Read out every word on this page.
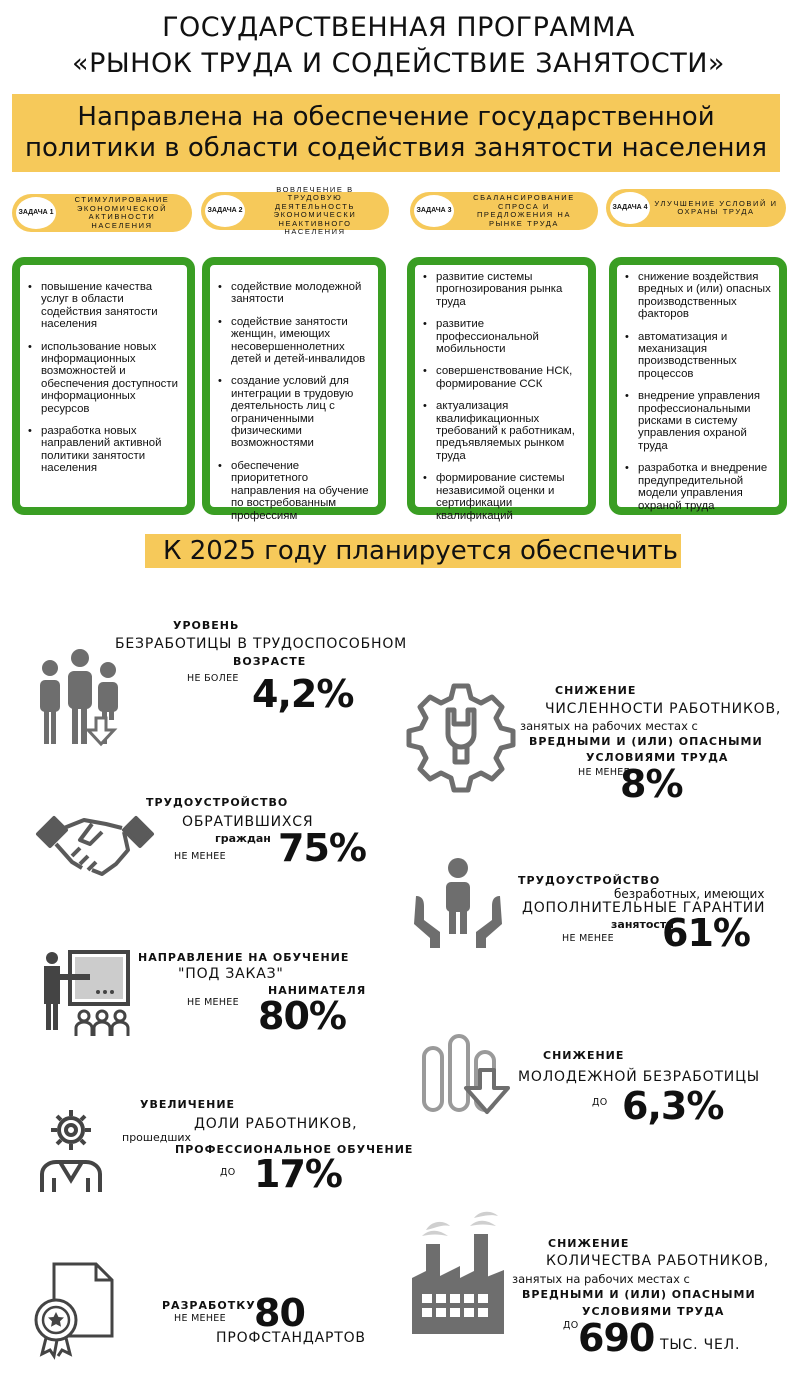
ГОСУДАРСТВЕННАЯ ПРОГРАММА
«РЫНОК ТРУДА И СОДЕЙСТВИЕ ЗАНЯТОСТИ»
Направлена на обеспечение государственной
политики в области содействия занятости населения
ЗАДАЧА 1
СТИМУЛИРОВАНИЕ ЭКОНОМИЧЕСКОЙ АКТИВНОСТИ НАСЕЛЕНИЯ
ЗАДАЧА 2
ВОВЛЕЧЕНИЕ В ТРУДОВУЮ ДЕЯТЕЛЬНОСТЬ ЭКОНОМИЧЕСКИ НЕАКТИВНОГО НАСЕЛЕНИЯ
ЗАДАЧА 3
СБАЛАНСИРОВАНИЕ СПРОСА И ПРЕДЛОЖЕНИЯ НА РЫНКЕ ТРУДА
ЗАДАЧА 4 УЛУЧШЕНИЕ УСЛОВИЙ И ОХРАНЫ ТРУДА
• повышение качества услуг в области содействия занятости населения
• использование новых информационных возможностей и обеспечения доступности информационных ресурсов
• разработка новых направлений активной политики занятости населения
• содействие молодежной занятости
• содействие занятости женщин, имеющих несовершеннолетних детей и детей-инвалидов
• создание условий для интеграции в трудовую деятельность лиц с ограниченными физическими возможностями
• обеспечение приоритетного направления на обучение по востребованным профессиям
• развитие системы прогнозирования рынка труда
• развитие профессиональной мобильности
• совершенствование НСК, формирование ССК
• актуализация квалификационных требований к работникам, предъявляемых рынком труда
• формирование системы независимой оценки и сертификации квалификаций
• снижение воздействия вредных и (или) опасных производственных факторов
• автоматизация и механизация производственных процессов
• внедрение управления профессиональными рисками в систему управления охраной труда
• разработка и внедрение предупредительной модели управления охраной труда
К 2025 году планируется обеспечить
УРОВЕНЬ
БЕЗРАБОТИЦЫ В ТРУДОСПОСОБНОМ
ВОЗРАСТЕ
НЕ БОЛЕЕ 4,2%
ТРУДОУСТРОЙСТВО
ОБРАТИВШИХСЯ
граждан
НЕ МЕНЕЕ 75%
НАПРАВЛЕНИЕ НА ОБУЧЕНИЕ
"ПОД ЗАКАЗ"
НАНИМАТЕЛЯ
НЕ МЕНЕЕ 80%
УВЕЛИЧЕНИЕ
ДОЛИ РАБОТНИКОВ,
прошедших
ПРОФЕССИОНАЛЬНОЕ ОБУЧЕНИЕ
ДО 17%
РАЗРАБОТКУ
НЕ МЕНЕЕ 80
ПРОФСТАНДАРТОВ
СНИЖЕНИЕ
ЧИСЛЕННОСТИ РАБОТНИКОВ,
занятых на рабочих местах с
ВРЕДНЫМИ И (ИЛИ) ОПАСНЫМИ
УСЛОВИЯМИ ТРУДА
НЕ МЕНЕЕ
8%
ТРУДОУСТРОЙСТВО
безработных, имеющих
ДОПОЛНИТЕЛЬНЫЕ ГАРАНТИИ
занятости
НЕ МЕНЕЕ 61%
СНИЖЕНИЕ
МОЛОДЕЖНОЙ БЕЗРАБОТИЦЫ
ДО 6,3%
СНИЖЕНИЕ
КОЛИЧЕСТВА РАБОТНИКОВ,
занятых на рабочих местах с
ВРЕДНЫМИ И (ИЛИ) ОПАСНЫМИ
УСЛОВИЯМИ ТРУДА
ДО 690 ТЫС. ЧЕЛ.
